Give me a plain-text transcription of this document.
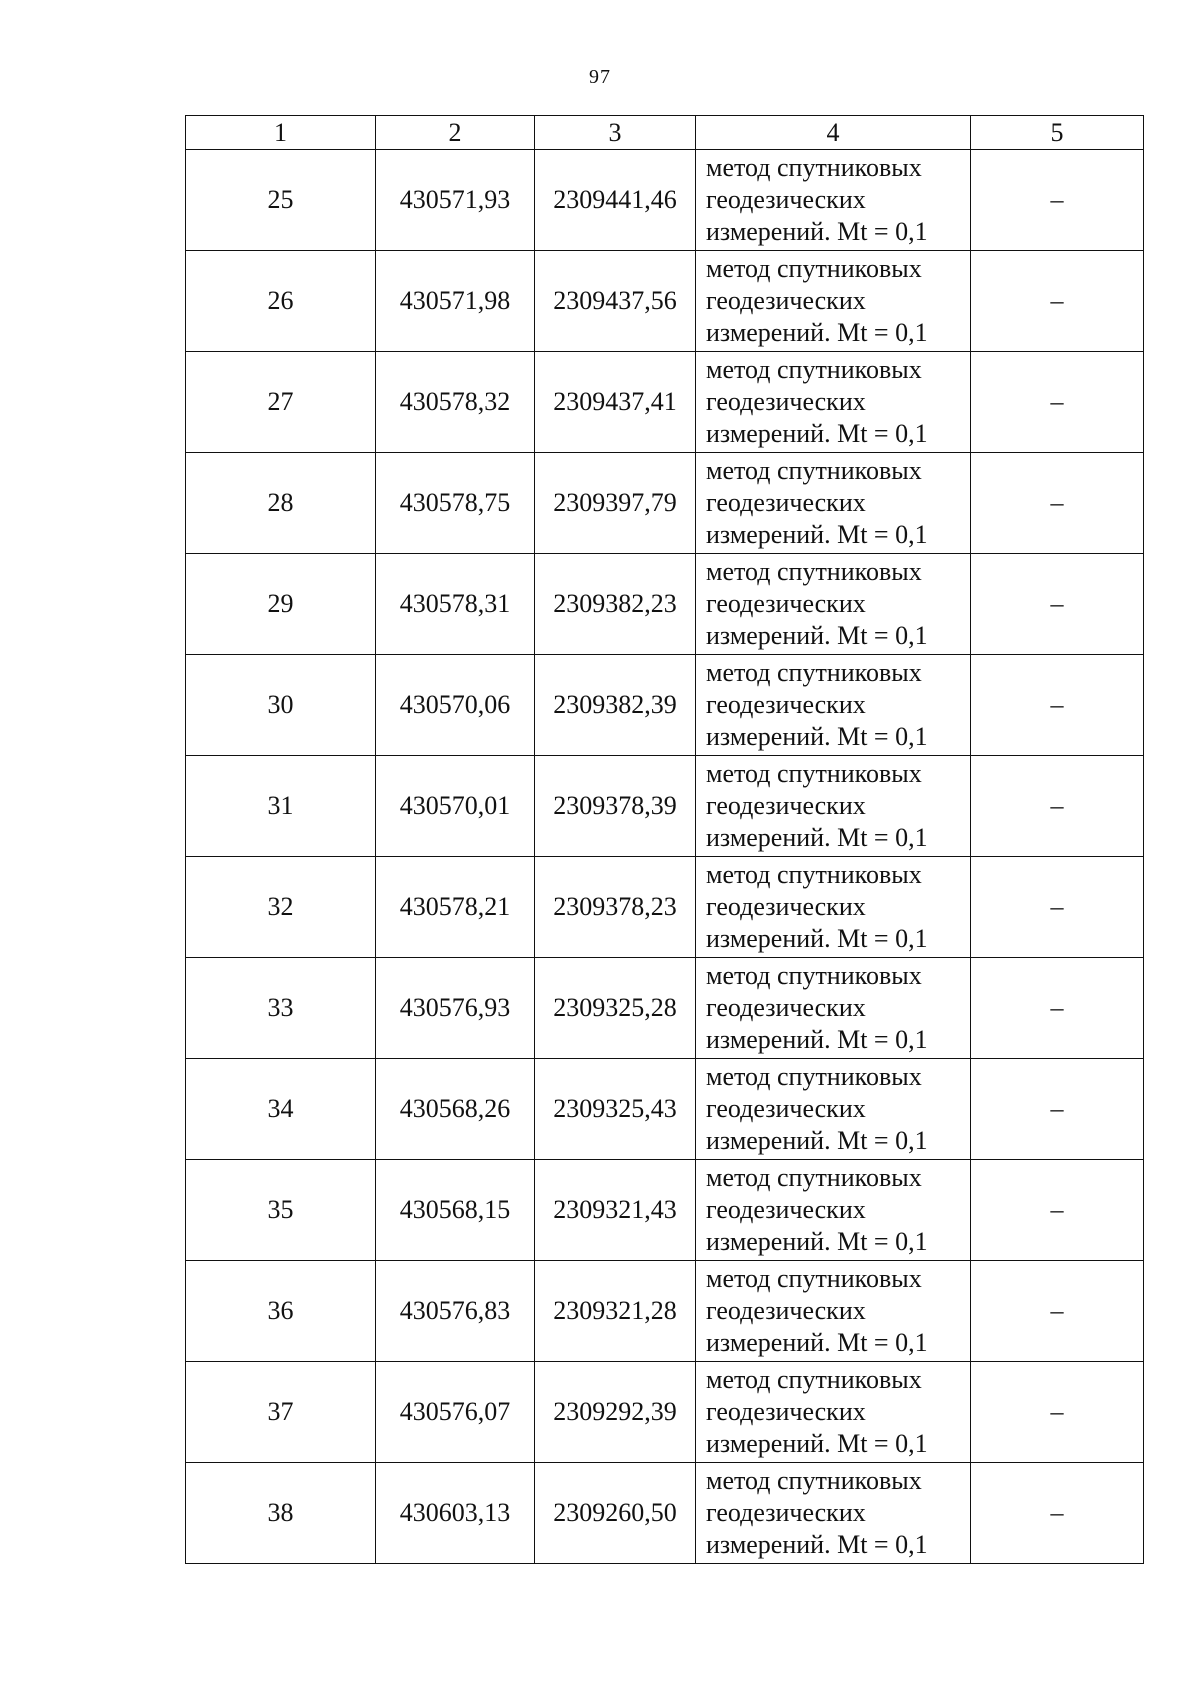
97
1	2	3	4	5
25	430571,93	2309441,46	метод спутниковых
геодезических
измерений. Mt = 0,1	–
26	430571,98	2309437,56	метод спутниковых
геодезических
измерений. Mt = 0,1	–
27	430578,32	2309437,41	метод спутниковых
геодезических
измерений. Mt = 0,1	–
28	430578,75	2309397,79	метод спутниковых
геодезических
измерений. Mt = 0,1	–
29	430578,31	2309382,23	метод спутниковых
геодезических
измерений. Mt = 0,1	–
30	430570,06	2309382,39	метод спутниковых
геодезических
измерений. Mt = 0,1	–
31	430570,01	2309378,39	метод спутниковых
геодезических
измерений. Mt = 0,1	–
32	430578,21	2309378,23	метод спутниковых
геодезических
измерений. Mt = 0,1	–
33	430576,93	2309325,28	метод спутниковых
геодезических
измерений. Mt = 0,1	–
34	430568,26	2309325,43	метод спутниковых
геодезических
измерений. Mt = 0,1	–
35	430568,15	2309321,43	метод спутниковых
геодезических
измерений. Mt = 0,1	–
36	430576,83	2309321,28	метод спутниковых
геодезических
измерений. Mt = 0,1	–
37	430576,07	2309292,39	метод спутниковых
геодезических
измерений. Mt = 0,1	–
38	430603,13	2309260,50	метод спутниковых
геодезических
измерений. Mt = 0,1	–
